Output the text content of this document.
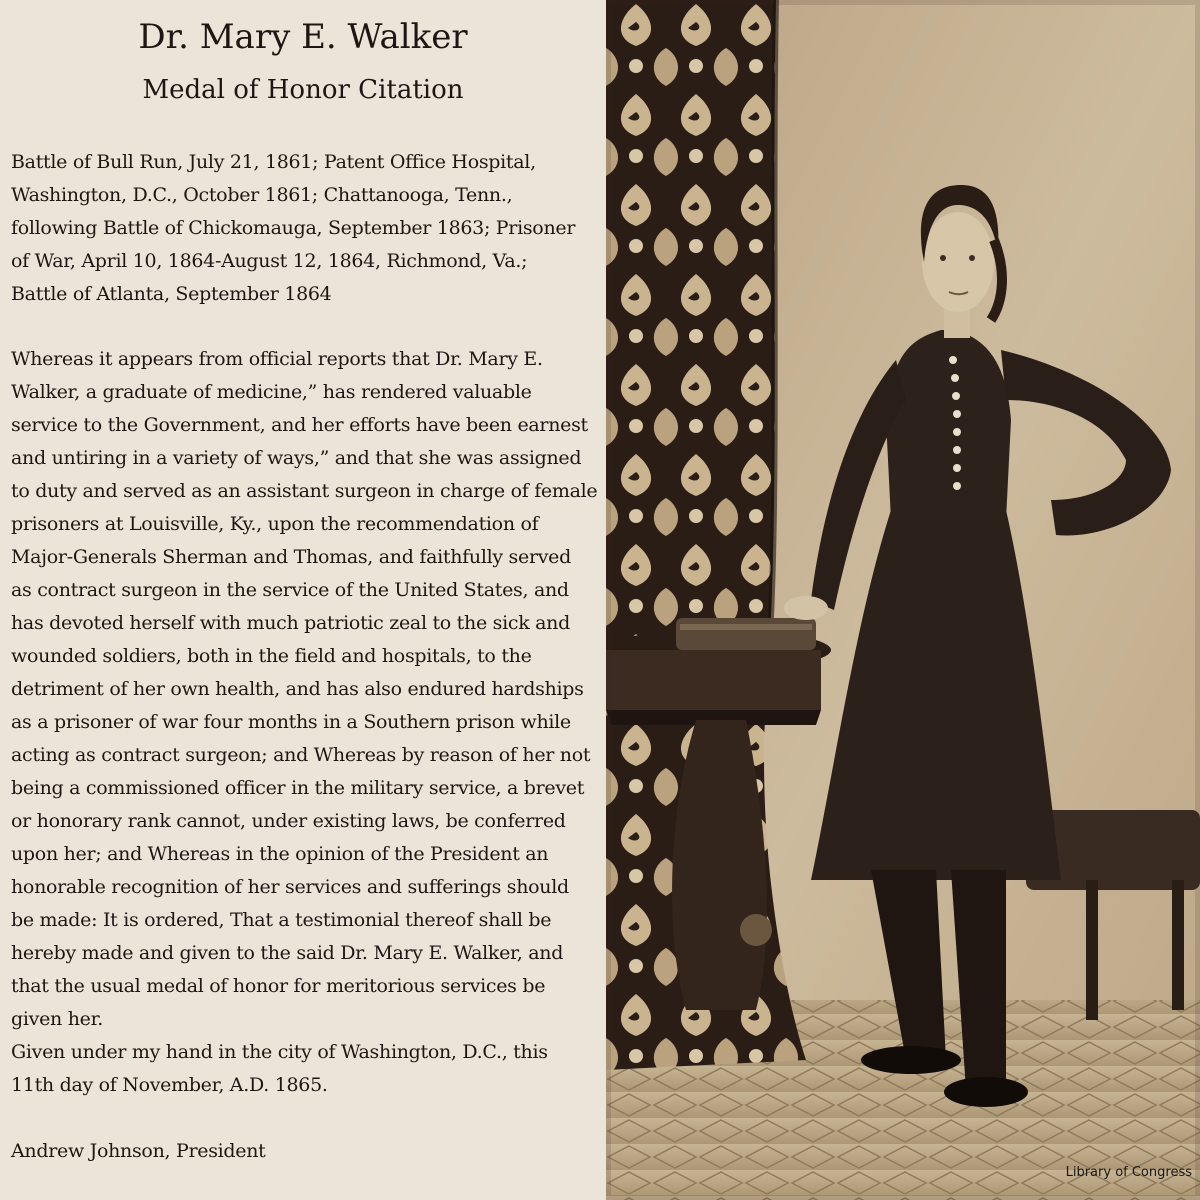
Dr. Mary E. Walker
Medal of Honor Citation

Battle of Bull Run, July 21, 1861; Patent Office Hospital,
Washington, D.C., October 1861; Chattanooga, Tenn.,
following Battle of Chickomauga, September 1863; Prisoner
of War, April 10, 1864-August 12, 1864, Richmond, Va.;
Battle of Atlanta, September 1864

Whereas it appears from official reports that Dr. Mary E.
Walker, a graduate of medicine,” has rendered valuable
service to the Government, and her efforts have been earnest
and untiring in a variety of ways,” and that she was assigned
to duty and served as an assistant surgeon in charge of female
prisoners at Louisville, Ky., upon the recommendation of
Major-Generals Sherman and Thomas, and faithfully served
as contract surgeon in the service of the United States, and
has devoted herself with much patriotic zeal to the sick and
wounded soldiers, both in the field and hospitals, to the
detriment of her own health, and has also endured hardships
as a prisoner of war four months in a Southern prison while
acting as contract surgeon; and Whereas by reason of her not
being a commissioned officer in the military service, a brevet
or honorary rank cannot, under existing laws, be conferred
upon her; and Whereas in the opinion of the President an
honorable recognition of her services and sufferings should
be made: It is ordered, That a testimonial thereof shall be
hereby made and given to the said Dr. Mary E. Walker, and
that the usual medal of honor for meritorious services be
given her.
Given under my hand in the city of Washington, D.C., this
11th day of November, A.D. 1865.

Andrew Johnson, President

Library of Congress
